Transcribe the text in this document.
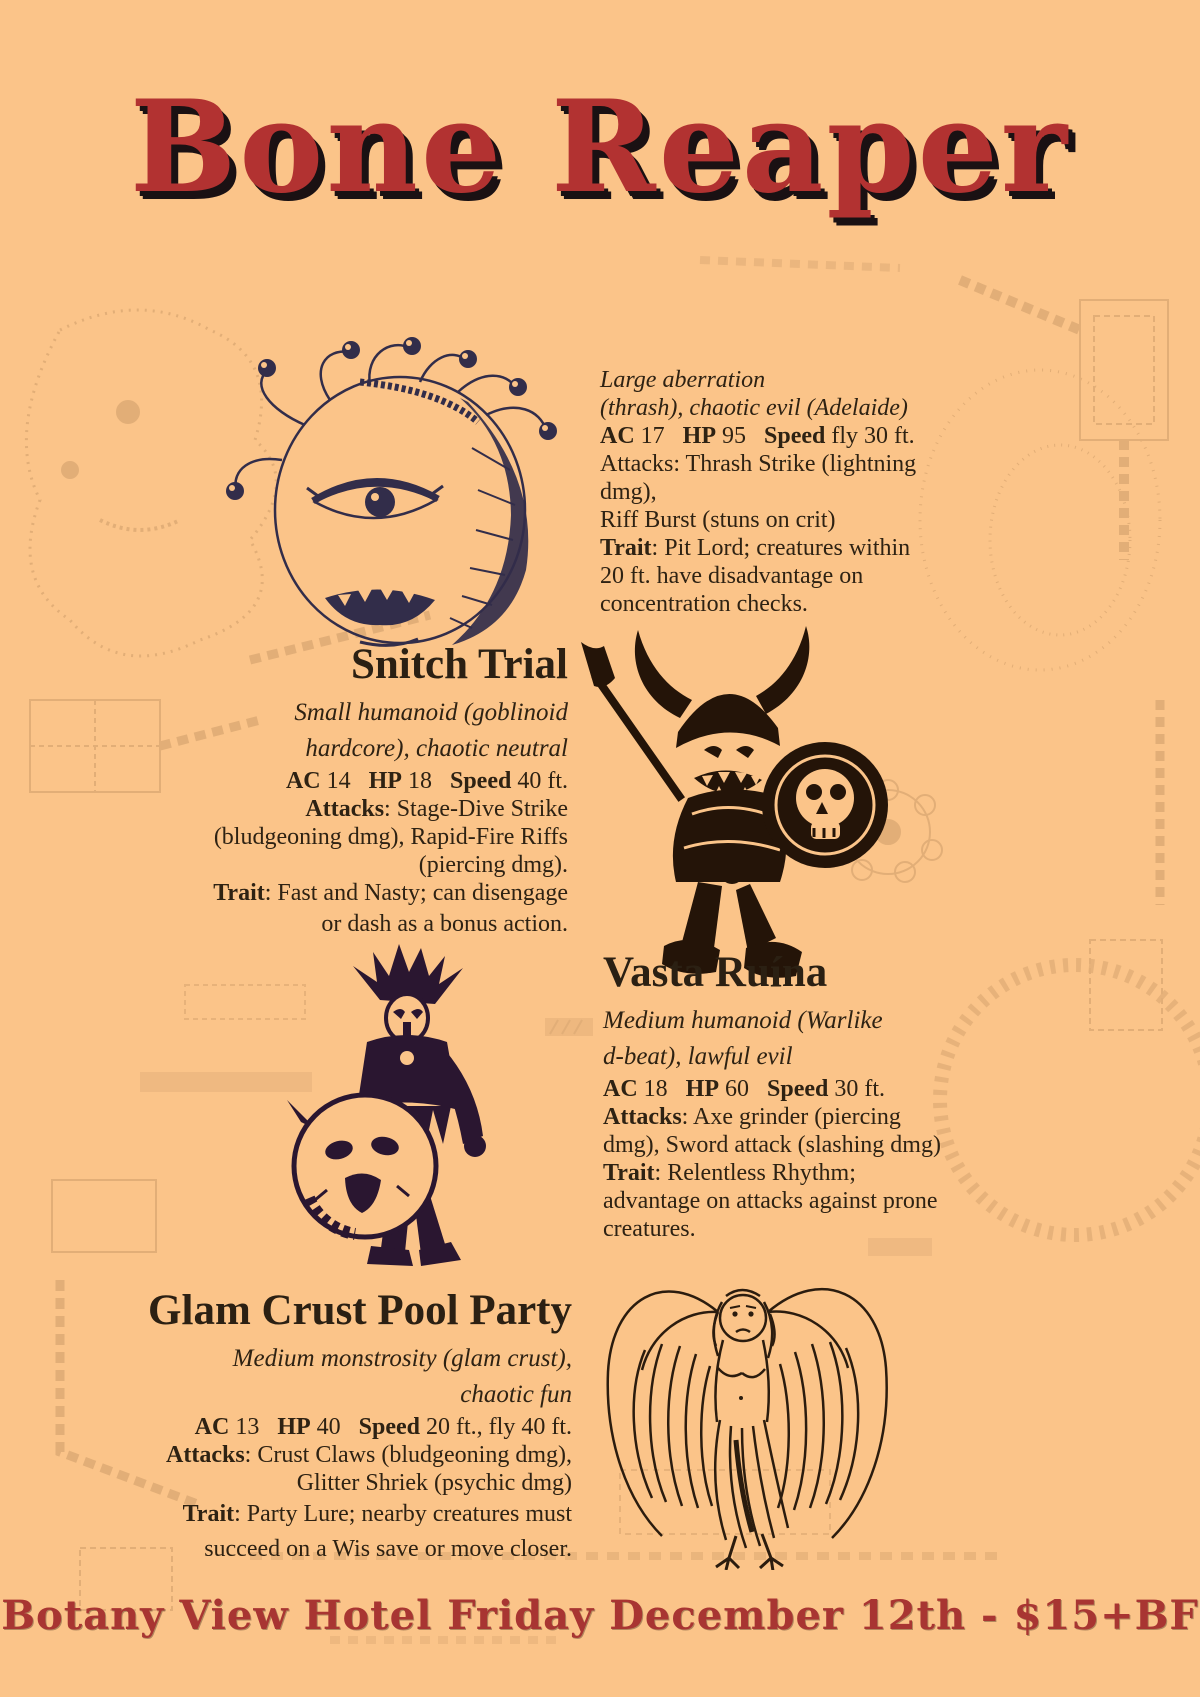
Bone Reaper
Large aberration
(thrash), chaotic evil (Adelaide)
AC 17   HP 95   Speed fly 30 ft.
Attacks: Thrash Strike (lightning
dmg),
Riff Burst (stuns on crit)
Trait: Pit Lord; creatures within
20 ft. have disadvantage on
concentration checks.
Snitch Trial
Small humanoid (goblinoid
hardcore), chaotic neutral
AC 14   HP 18   Speed 40 ft.
Attacks: Stage-Dive Strike
(bludgeoning dmg), Rapid-Fire Riffs
(piercing dmg).
Trait: Fast and Nasty; can disengage
or dash as a bonus action.
Vasta Ruína
Medium humanoid (Warlike
d-beat), lawful evil
AC 18   HP 60   Speed 30 ft.
Attacks: Axe grinder (piercing
dmg), Sword attack (slashing dmg)
Trait: Relentless Rhythm;
advantage on attacks against prone
creatures.
Glam Crust Pool Party
Medium monstrosity (glam crust),
chaotic fun
AC 13   HP 40   Speed 20 ft., fly 40 ft.
Attacks: Crust Claws (bludgeoning dmg),
Glitter Shriek (psychic dmg)
Trait: Party Lure; nearby creatures must
succeed on a Wis save or move closer.
Botany View Hotel Friday December 12th - $15+BF
